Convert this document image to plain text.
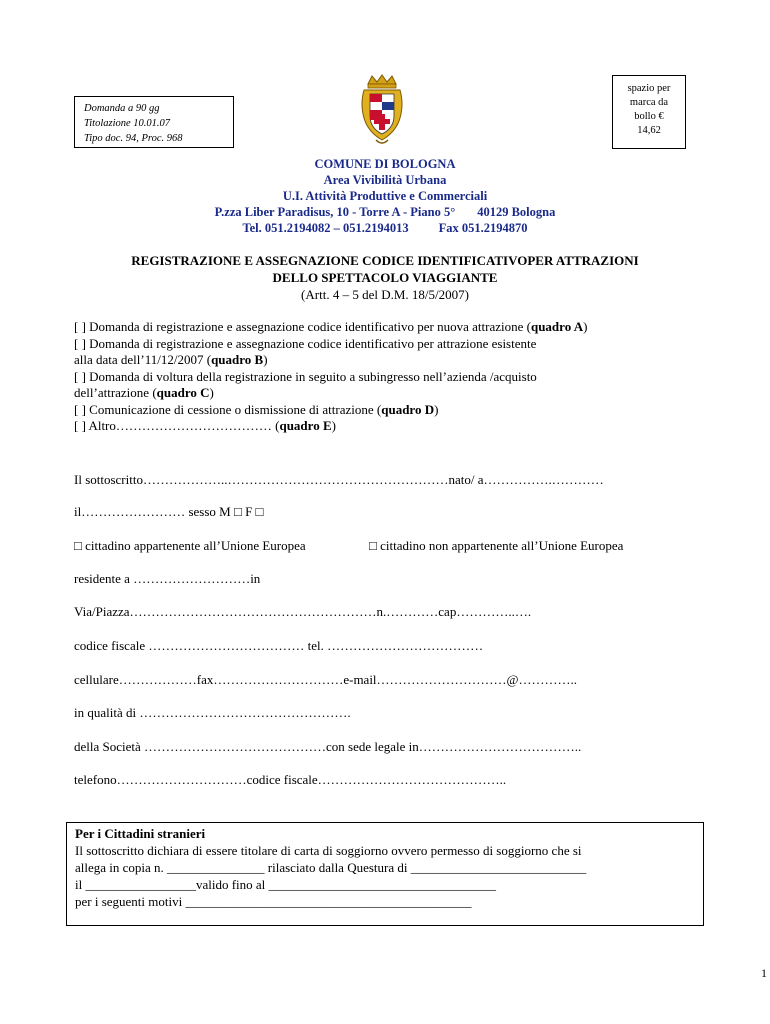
Domanda a 90 gg
Titolazione 10.01.07
Tipo doc. 94, Proc. 968
spazio per
marca da
bollo €
14,62
COMUNE DI BOLOGNA
Area Vivibilità Urbana
U.I. Attività Produttive e Commerciali
P.zza Liber Paradisus, 10 - Torre A - Piano 5° 40129 Bologna
Tel. 051.2194082 – 051.2194013 Fax 051.2194870
REGISTRAZIONE E ASSEGNAZIONE CODICE IDENTIFICATIVOPER ATTRAZIONI
DELLO SPETTACOLO VIAGGIANTE
(Artt. 4 – 5 del D.M. 18/5/2007)
[ ] Domanda di registrazione e assegnazione codice identificativo per nuova attrazione (quadro A)
[ ] Domanda di registrazione e assegnazione codice identificativo per attrazione esistente
alla data dell’11/12/2007 (quadro B)
[ ] Domanda di voltura della registrazione in seguito a subingresso nell’azienda /acquisto
dell’attrazione (quadro C)
[ ] Comunicazione di cessione o dismissione di attrazione (quadro D)
[ ] Altro……………………………… (quadro E)
Il sottoscritto………………..……………………………………………nato/ a…………….…………
il…………………… sesso M □ F □
□ cittadino appartenente all’Unione Europea	□ cittadino non appartenente all’Unione Europea
residente a ………………………in
Via/Piazza…………………………………………………n.…………cap…………..….
codice fiscale ……………………………… tel. ………………………………
cellulare………………fax…………………………e-mail…………………………@…………..
in qualità di ………………………………………….
della Società ……………………………………con sede legale in………………………………..
telefono…………………………codice fiscale……………………………………..
Per i Cittadini stranieri
Il sottoscritto dichiara di essere titolare di carta di soggiorno ovvero permesso di soggiorno che si
allega in copia n. _______________ rilasciato dalla Questura di ___________________________
il _________________valido fino al ___________________________________
per i seguenti motivi ____________________________________________
1
